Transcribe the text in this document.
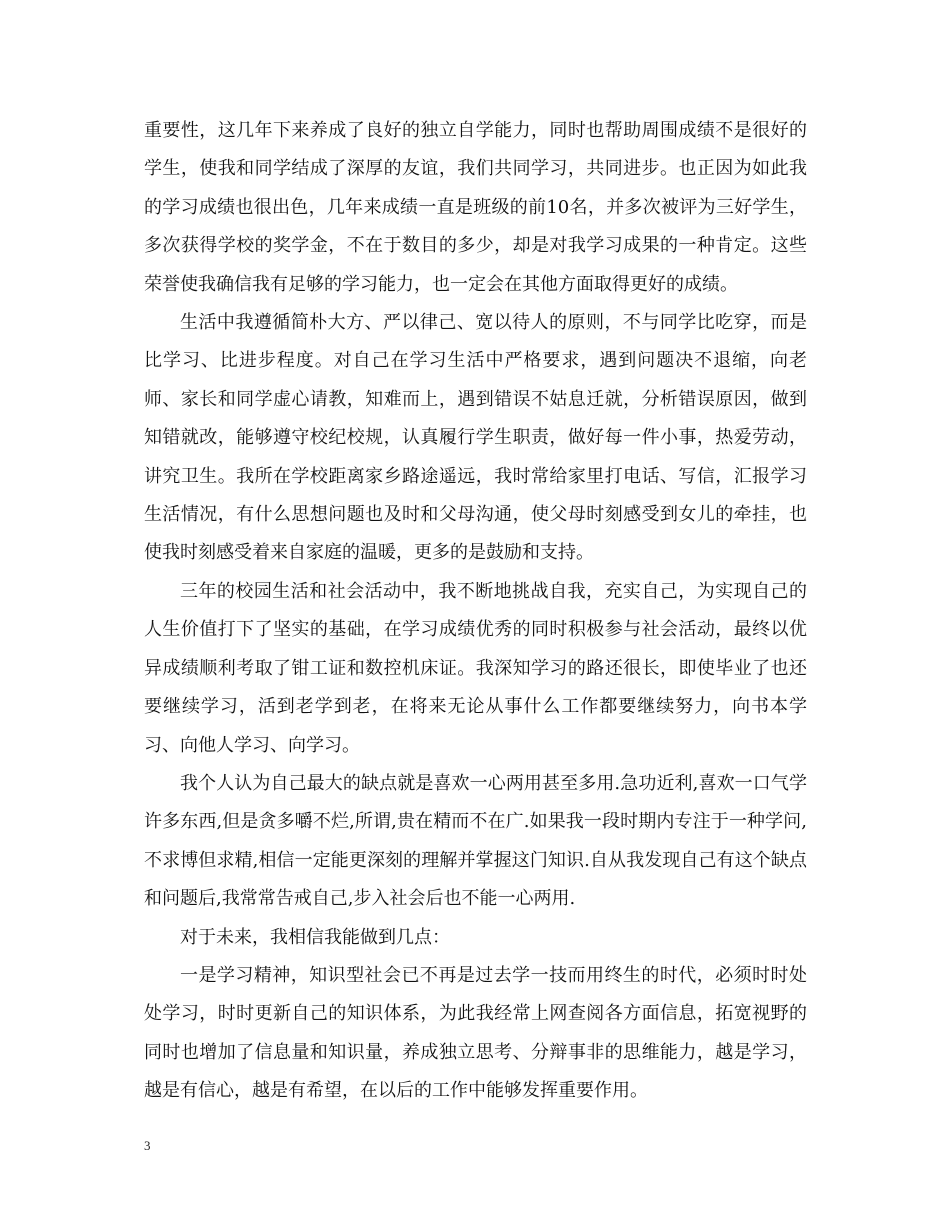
重要性，这几年下来养成了良好的独立自学能力，同时也帮助周围成绩不是很好的学生，使我和同学结成了深厚的友谊，我们共同学习，共同进步。也正因为如此我的学习成绩也很出色，几年来成绩一直是班级的前10名，并多次被评为三好学生，多次获得学校的奖学金，不在于数目的多少，却是对我学习成果的一种肯定。这些荣誉使我确信我有足够的学习能力，也一定会在其他方面取得更好的成绩。

生活中我遵循简朴大方、严以律己、宽以待人的原则，不与同学比吃穿，而是比学习、比进步程度。对自己在学习生活中严格要求，遇到问题决不退缩，向老师、家长和同学虚心请教，知难而上，遇到错误不姑息迁就，分析错误原因，做到知错就改，能够遵守校纪校规，认真履行学生职责，做好每一件小事，热爱劳动，讲究卫生。我所在学校距离家乡路途遥远，我时常给家里打电话、写信，汇报学习生活情况，有什么思想问题也及时和父母沟通，使父母时刻感受到女儿的牵挂，也使我时刻感受着来自家庭的温暖，更多的是鼓励和支持。

三年的校园生活和社会活动中，我不断地挑战自我，充实自己，为实现自己的人生价值打下了坚实的基础，在学习成绩优秀的同时积极参与社会活动，最终以优异成绩顺利考取了钳工证和数控机床证。我深知学习的路还很长，即使毕业了也还要继续学习，活到老学到老，在将来无论从事什么工作都要继续努力，向书本学习、向他人学习、向学习。

我个人认为自己最大的缺点就是喜欢一心两用甚至多用.急功近利,喜欢一口气学许多东西,但是贪多嚼不烂,所谓,贵在精而不在广.如果我一段时期内专注于一种学问,不求博但求精,相信一定能更深刻的理解并掌握这门知识.自从我发现自己有这个缺点和问题后,我常常告戒自己,步入社会后也不能一心两用.

对于未来，我相信我能做到几点：

一是学习精神，知识型社会已不再是过去学一技而用终生的时代，必须时时处处学习，时时更新自己的知识体系，为此我经常上网查阅各方面信息，拓宽视野的同时也增加了信息量和知识量，养成独立思考、分辩事非的思维能力，越是学习，越是有信心，越是有希望，在以后的工作中能够发挥重要作用。

3
